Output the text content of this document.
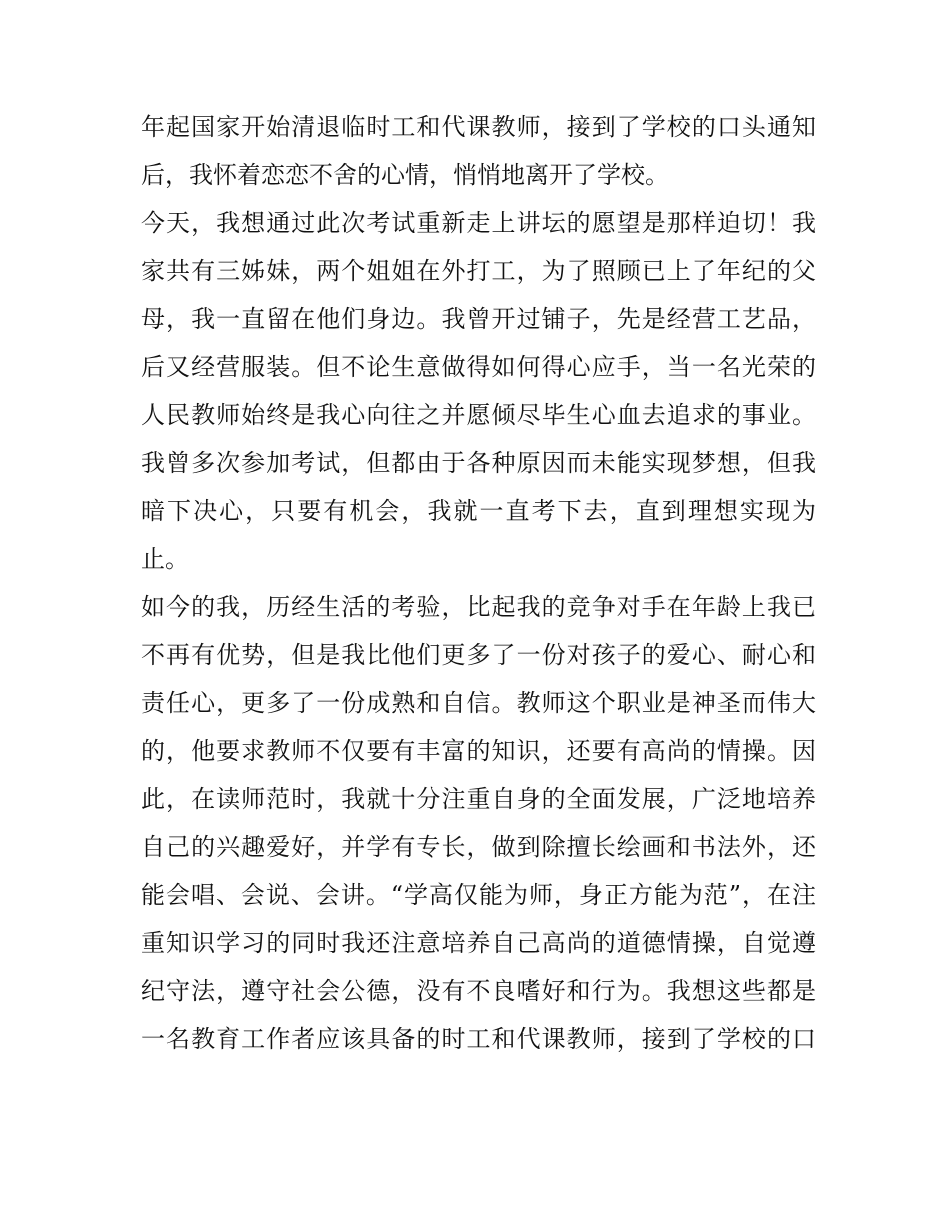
年起国家开始清退临时工和代课教师，接到了学校的口头通知
后，我怀着恋恋不舍的心情，悄悄地离开了学校。
今天，我想通过此次考试重新走上讲坛的愿望是那样迫切！我
家共有三姊妹，两个姐姐在外打工，为了照顾已上了年纪的父
母，我一直留在他们身边。我曾开过铺子，先是经营工艺品，
后又经营服装。但不论生意做得如何得心应手，当一名光荣的
人民教师始终是我心向往之并愿倾尽毕生心血去追求的事业。
我曾多次参加考试，但都由于各种原因而未能实现梦想，但我
暗下决心，只要有机会，我就一直考下去，直到理想实现为
止。
如今的我，历经生活的考验，比起我的竞争对手在年龄上我已
不再有优势，但是我比他们更多了一份对孩子的爱心、耐心和
责任心，更多了一份成熟和自信。教师这个职业是神圣而伟大
的，他要求教师不仅要有丰富的知识，还要有高尚的情操。因
此，在读师范时，我就十分注重自身的全面发展，广泛地培养
自己的兴趣爱好，并学有专长，做到除擅长绘画和书法外，还
能会唱、会说、会讲。“学高仅能为师，身正方能为范”，在注
重知识学习的同时我还注意培养自己高尚的道德情操，自觉遵
纪守法，遵守社会公德，没有不良嗜好和行为。我想这些都是
一名教育工作者应该具备的时工和代课教师，接到了学校的口
